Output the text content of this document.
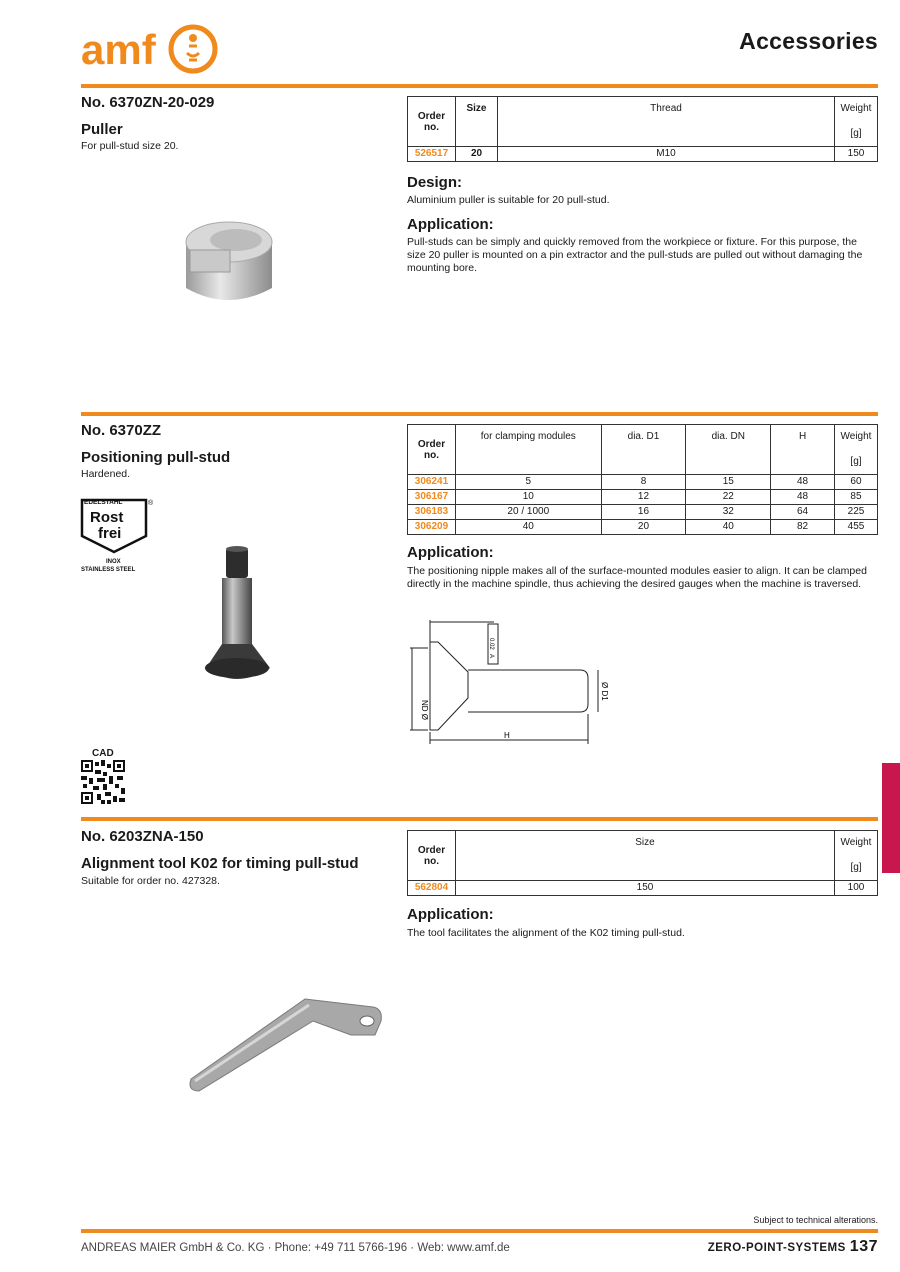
amf	Accessories
No. 6370ZN-20-029
Puller
For pull-stud size 20.
Order no.	Size	Thread	Weight
[g]

526517	20	M10	150
Design:
Aluminium puller is suitable for 20 pull-stud.
Application:
Pull-studs can be simply and quickly removed from the workpiece or fixture. For this purpose, the size 20 puller is mounted on a pin extractor and the pull-studs are pulled out without damaging the mounting bore.
No. 6370ZZ
Positioning pull-stud
Hardened.
EDELSTAHL	®
Rost
frei
INOX
STAINLESS STEEL
Order no.	for clamping modules	dia. D1	dia. DN	H	Weight
[g]

306241	5	8	15	48	60
306167	10	12	22	48	85
306183	20 / 1000	16	32	64	225
306209	40	20	40	82	455
Application:
The positioning nipple makes all of the surface-mounted modules easier to align. It can be clamped directly in the machine spindle, thus achieving the desired gauges when the machine is traversed.
ND Ø
Ø D1
H
0.02
A
CAD
No. 6203ZNA-150
Alignment tool K02 for timing pull-stud
Suitable for order no. 427328.
Order no.	Size	Weight
[g]

562804	150	100
Application:
The tool facilitates the alignment of the K02 timing pull-stud.
Subject to technical alterations.
ANDREAS MAIER GmbH & Co. KG · Phone: +49 711 5766-196 · Web: www.amf.de	ZERO-POINT-SYSTEMS 137
